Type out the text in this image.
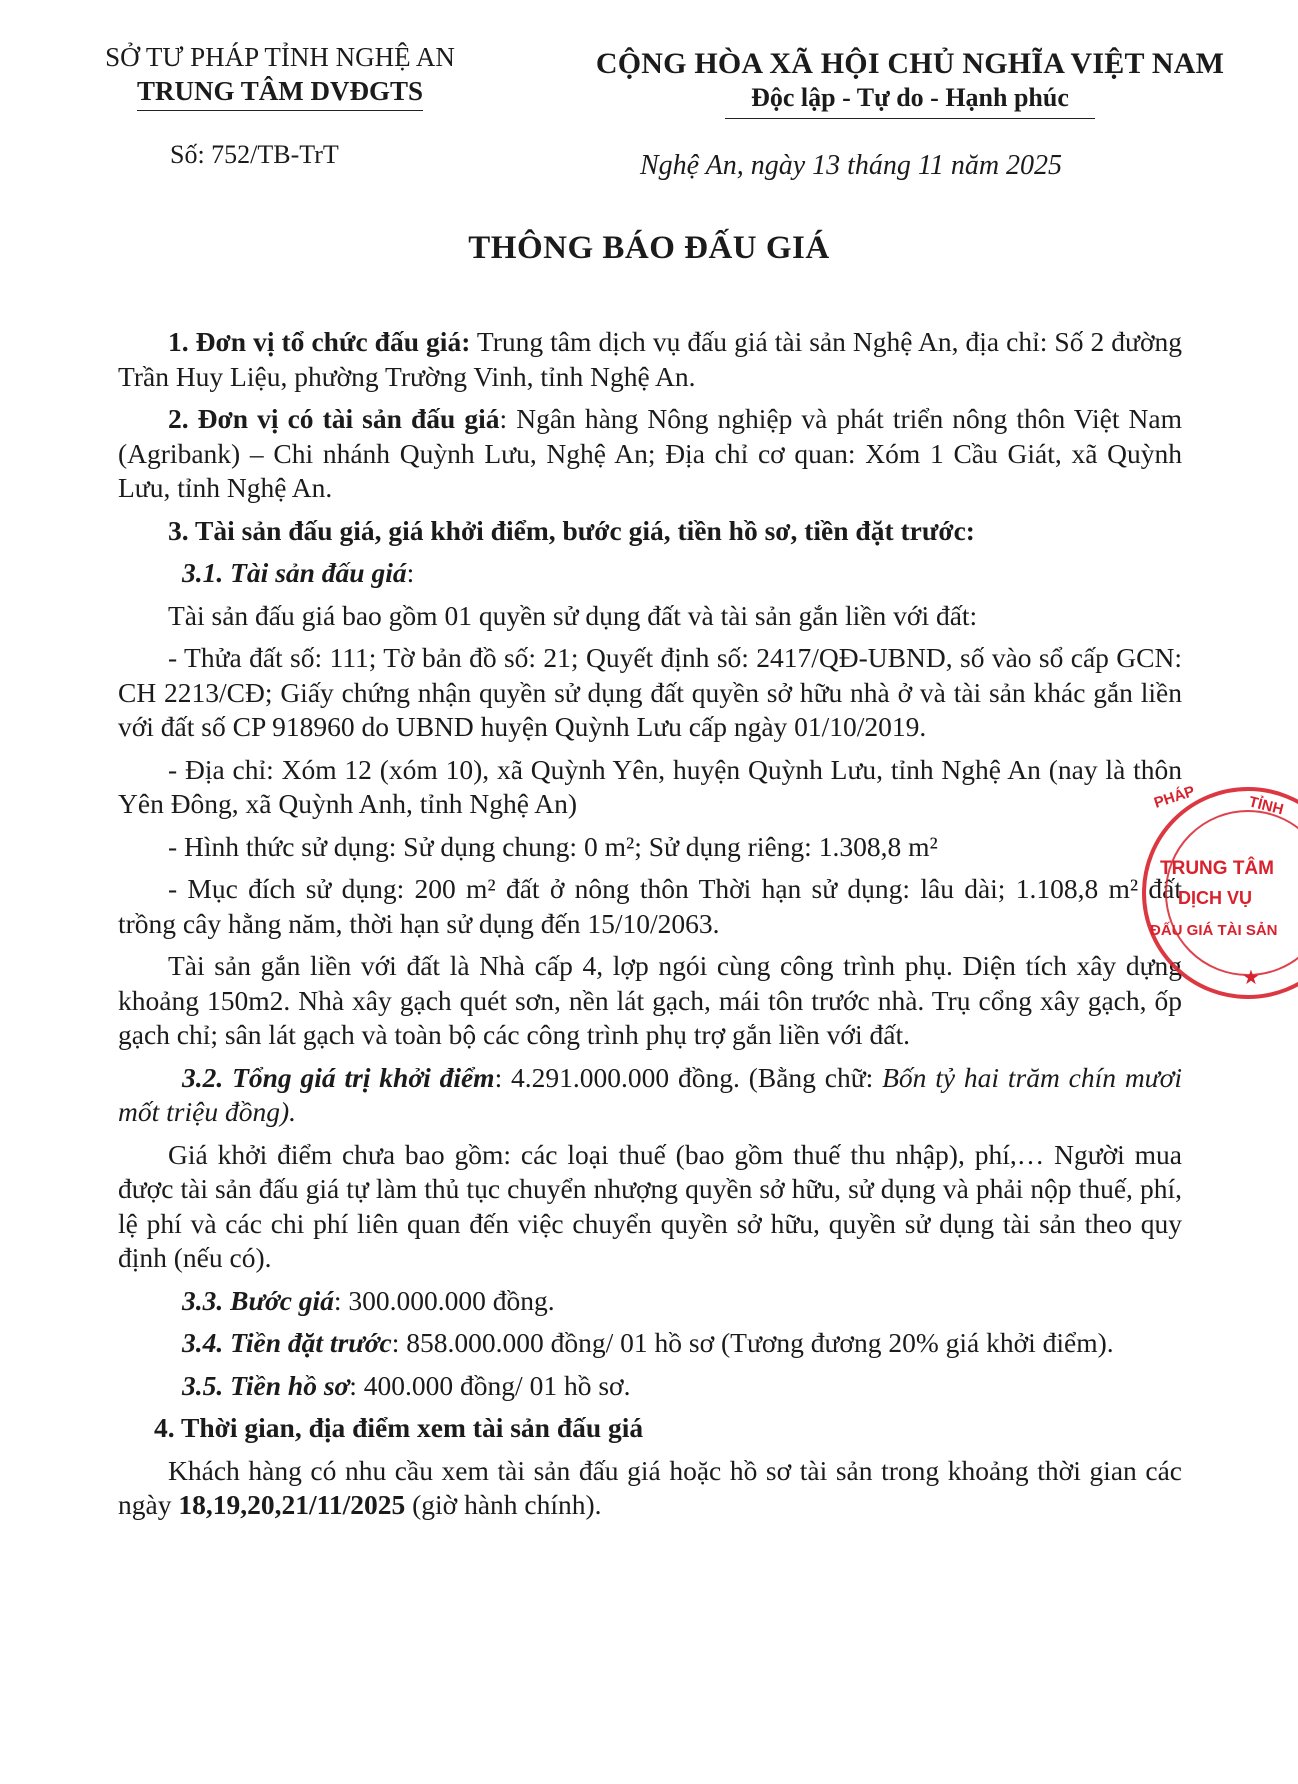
SỞ TƯ PHÁP TỈNH NGHỆ AN
TRUNG TÂM DVĐGTS
CỘNG HÒA XÃ HỘI CHỦ NGHĨA VIỆT NAM
Độc lập - Tự do - Hạnh phúc
Số: 752/TB-TrT	Nghệ An, ngày 13 tháng 11 năm 2025
THÔNG BÁO ĐẤU GIÁ

1. Đơn vị tổ chức đấu giá: Trung tâm dịch vụ đấu giá tài sản Nghệ An, địa chỉ: Số 2 đường Trần Huy Liệu, phường Trường Vinh, tỉnh Nghệ An.

2. Đơn vị có tài sản đấu giá: Ngân hàng Nông nghiệp và phát triển nông thôn Việt Nam (Agribank) – Chi nhánh Quỳnh Lưu, Nghệ An; Địa chỉ cơ quan: Xóm 1 Cầu Giát, xã Quỳnh Lưu, tỉnh Nghệ An.

3. Tài sản đấu giá, giá khởi điểm, bước giá, tiền hồ sơ, tiền đặt trước:

3.1. Tài sản đấu giá:

Tài sản đấu giá bao gồm 01 quyền sử dụng đất và tài sản gắn liền với đất:

- Thửa đất số: 111; Tờ bản đồ số: 21; Quyết định số: 2417/QĐ-UBND, số vào sổ cấp GCN: CH 2213/CĐ; Giấy chứng nhận quyền sử dụng đất quyền sở hữu nhà ở và tài sản khác gắn liền với đất số CP 918960 do UBND huyện Quỳnh Lưu cấp ngày 01/10/2019.

- Địa chỉ: Xóm 12 (xóm 10), xã Quỳnh Yên, huyện Quỳnh Lưu, tỉnh Nghệ An (nay là thôn Yên Đông, xã Quỳnh Anh, tỉnh Nghệ An)

- Hình thức sử dụng: Sử dụng chung: 0 m²; Sử dụng riêng: 1.308,8 m²

- Mục đích sử dụng: 200 m² đất ở nông thôn Thời hạn sử dụng: lâu dài; 1.108,8 m² đất trồng cây hằng năm, thời hạn sử dụng đến 15/10/2063.

Tài sản gắn liền với đất là Nhà cấp 4, lợp ngói cùng công trình phụ. Diện tích xây dựng khoảng 150m2. Nhà xây gạch quét sơn, nền lát gạch, mái tôn trước nhà. Trụ cổng xây gạch, ốp gạch chỉ; sân lát gạch và toàn bộ các công trình phụ trợ gắn liền với đất.

3.2. Tổng giá trị khởi điểm: 4.291.000.000 đồng. (Bằng chữ: Bốn tỷ hai trăm chín mươi mốt triệu đồng).

Giá khởi điểm chưa bao gồm: các loại thuế (bao gồm thuế thu nhập), phí,… Người mua được tài sản đấu giá tự làm thủ tục chuyển nhượng quyền sở hữu, sử dụng và phải nộp thuế, phí, lệ phí và các chi phí liên quan đến việc chuyển quyền sở hữu, quyền sử dụng tài sản theo quy định (nếu có).

3.3. Bước giá: 300.000.000 đồng.

3.4. Tiền đặt trước: 858.000.000 đồng/ 01 hồ sơ (Tương đương 20% giá khởi điểm).

3.5. Tiền hồ sơ: 400.000 đồng/ 01 hồ sơ.

4. Thời gian, địa điểm xem tài sản đấu giá

Khách hàng có nhu cầu xem tài sản đấu giá hoặc hồ sơ tài sản trong khoảng thời gian các ngày 18,19,20,21/11/2025 (giờ hành chính).

PHÁP	TỈNH
TRUNG TÂM
DỊCH VỤ
ĐẤU GIÁ TÀI SẢN
★
